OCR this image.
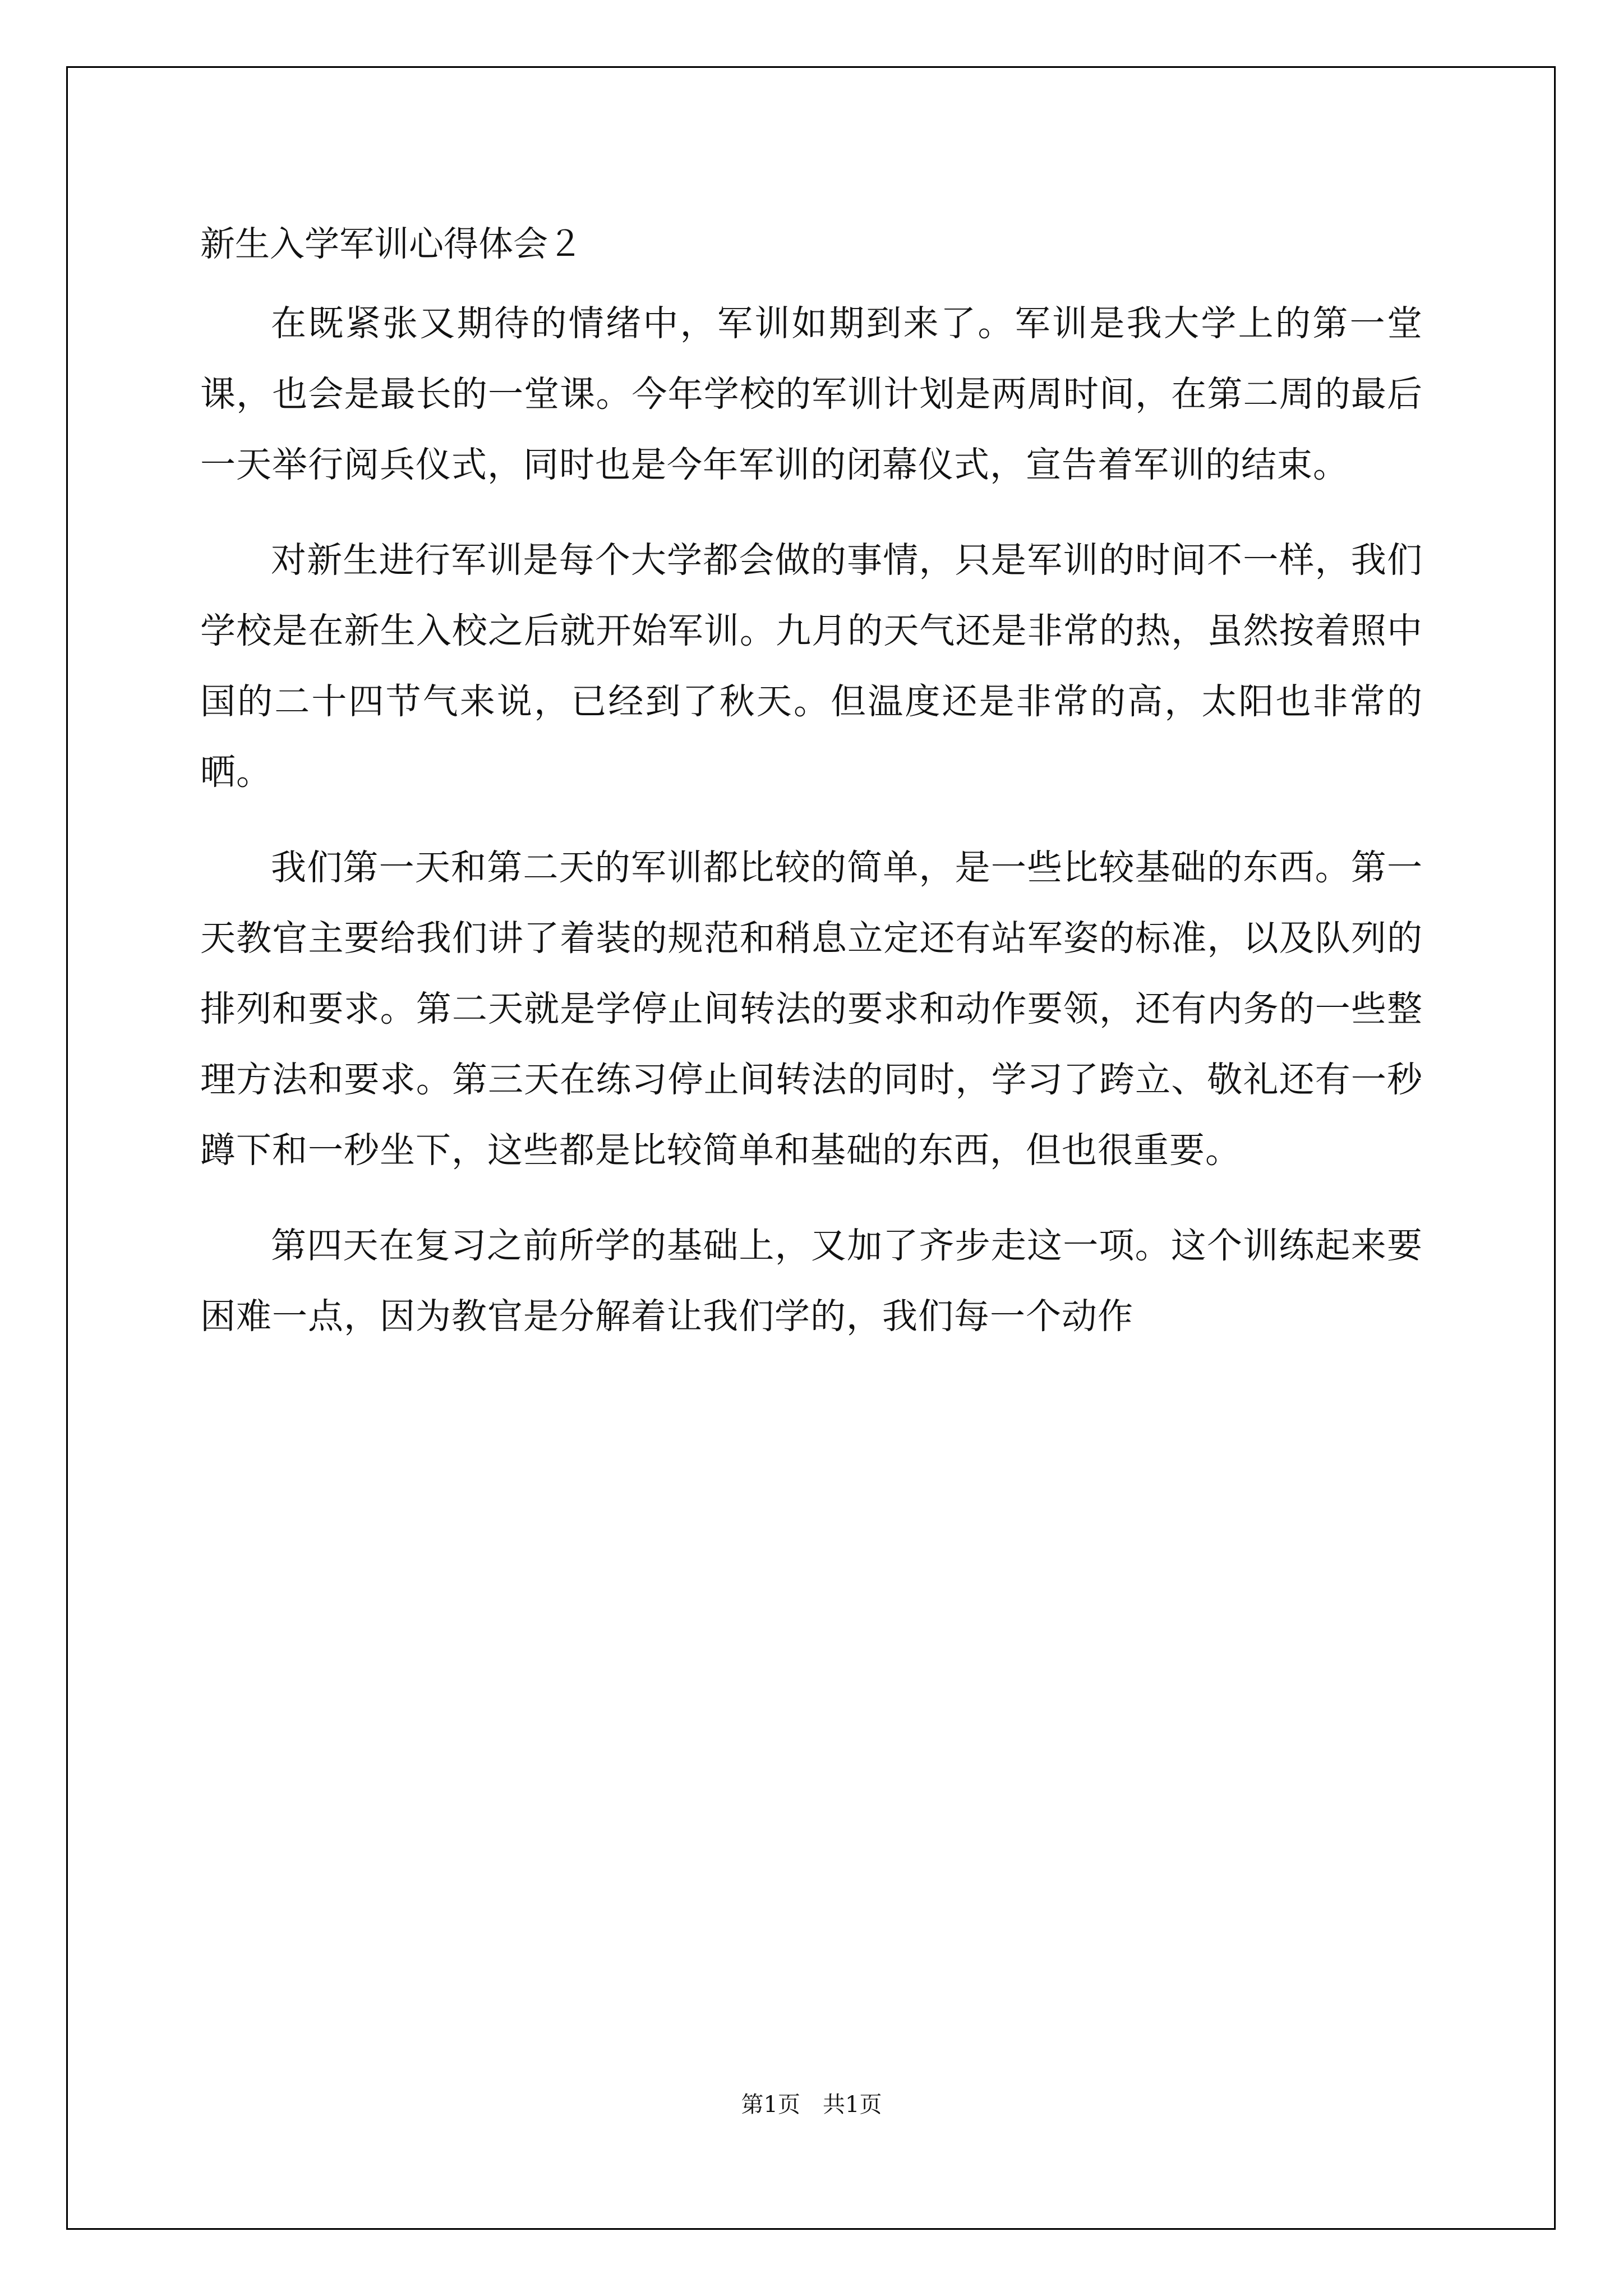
新生入学军训心得体会２

在既紧张又期待的情绪中，军训如期到来了。军训是我大学上的第一堂课，也会是最长的一堂课。今年学校的军训计划是两周时间，在第二周的最后一天举行阅兵仪式，同时也是今年军训的闭幕仪式，宣告着军训的结束。

对新生进行军训是每个大学都会做的事情，只是军训的时间不一样，我们学校是在新生入校之后就开始军训。九月的天气还是非常的热，虽然按着照中国的二十四节气来说，已经到了秋天。但温度还是非常的高，太阳也非常的晒。

我们第一天和第二天的军训都比较的简单，是一些比较基础的东西。第一天教官主要给我们讲了着装的规范和稍息立定还有站军姿的标准，以及队列的排列和要求。第二天就是学停止间转法的要求和动作要领，还有内务的一些整理方法和要求。第三天在练习停止间转法的同时，学习了跨立、敬礼还有一秒蹲下和一秒坐下，这些都是比较简单和基础的东西，但也很重要。

第四天在复习之前所学的基础上，又加了齐步走这一项。这个训练起来要困难一点，因为教官是分解着让我们学的，我们每一个动作

第1页　共1页
